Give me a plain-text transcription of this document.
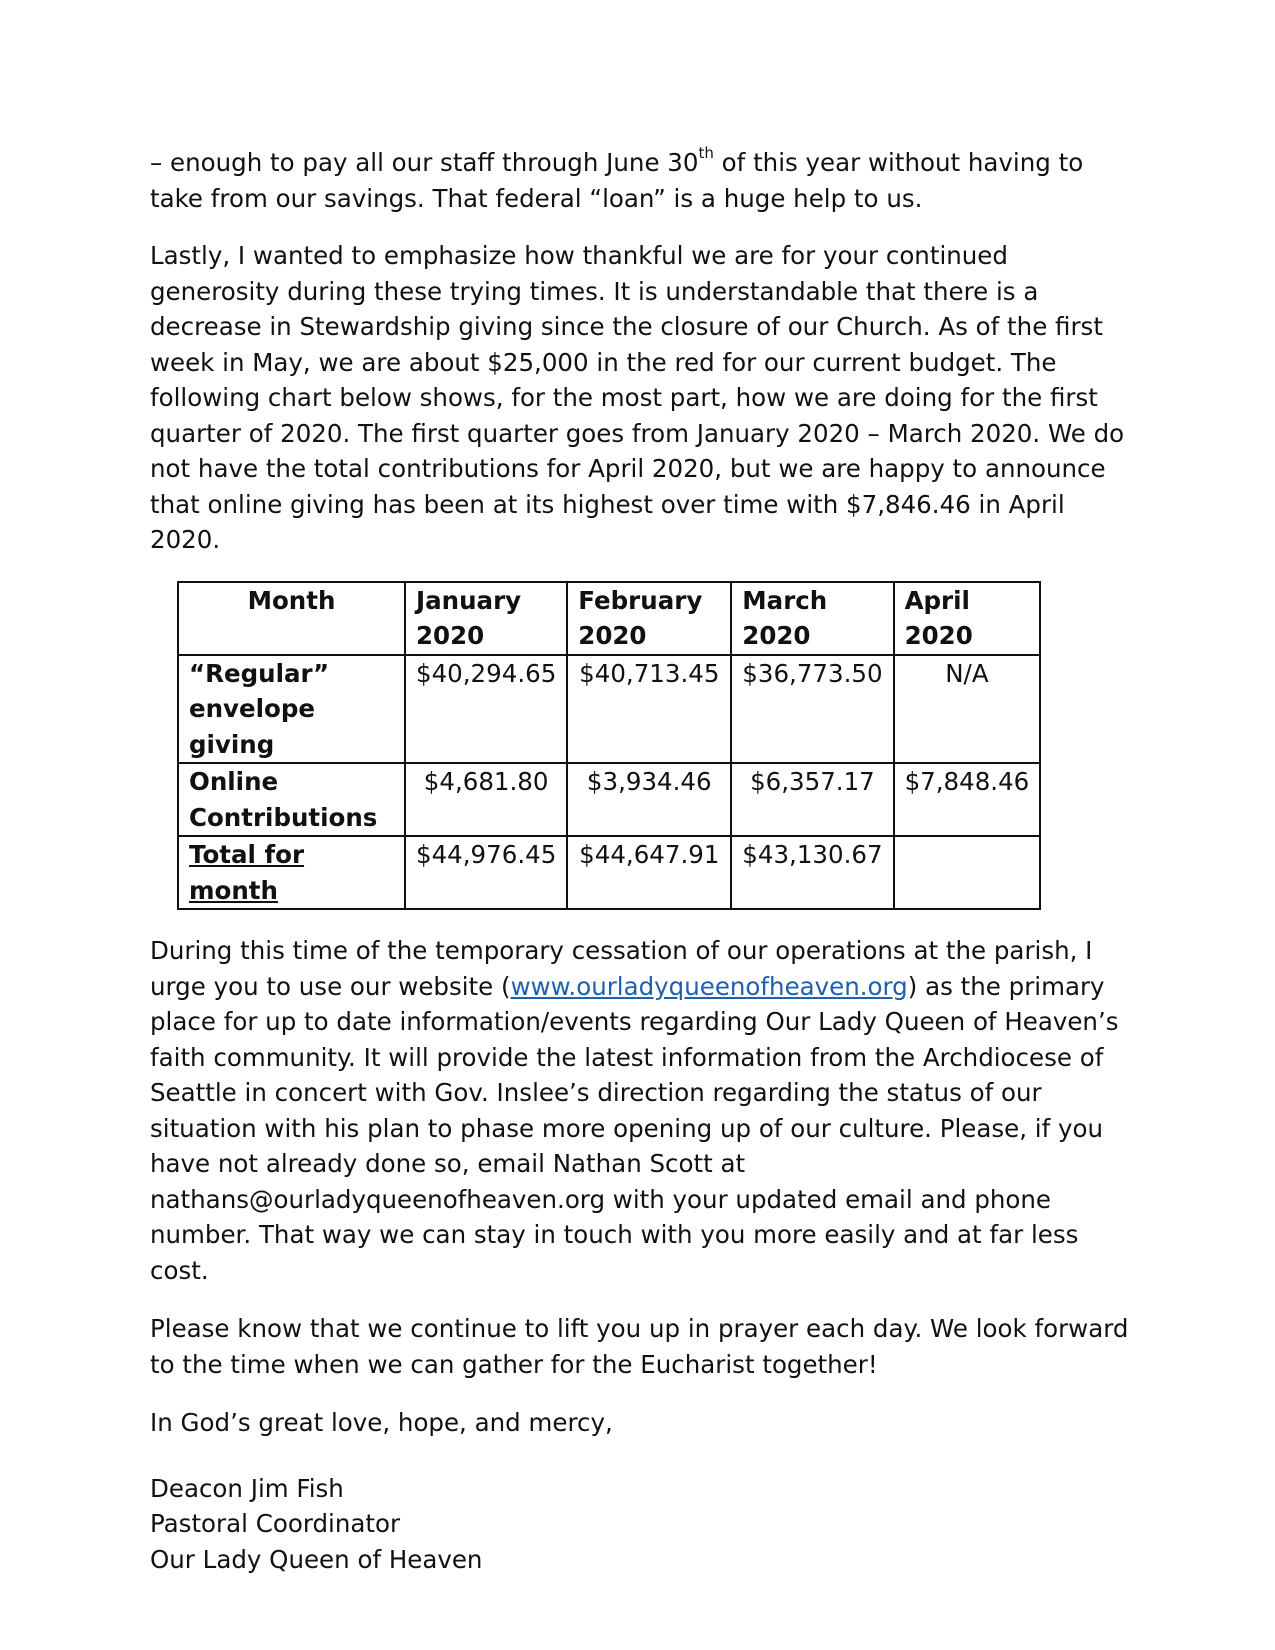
– enough to pay all our staff through June 30th of this year without having to take from our savings. That federal “loan” is a huge help to us.

Lastly, I wanted to emphasize how thankful we are for your continued generosity during these trying times. It is understandable that there is a decrease in Stewardship giving since the closure of our Church. As of the first week in May, we are about $25,000 in the red for our current budget. The following chart below shows, for the most part, how we are doing for the first quarter of 2020. The first quarter goes from January 2020 – March 2020. We do not have the total contributions for April 2020, but we are happy to announce that online giving has been at its highest over time with $7,846.46 in April 2020.

Month	January 2020	February 2020	March 2020	April 2020
“Regular” envelope giving	$40,294.65	$40,713.45	$36,773.50	N/A
Online Contributions	$4,681.80	$3,934.46	$6,357.17	$7,848.46
Total for month	$44,976.45	$44,647.91	$43,130.67	

During this time of the temporary cessation of our operations at the parish, I urge you to use our website (www.ourladyqueenofheaven.org) as the primary place for up to date information/events regarding Our Lady Queen of Heaven’s faith community. It will provide the latest information from the Archdiocese of Seattle in concert with Gov. Inslee’s direction regarding the status of our situation with his plan to phase more opening up of our culture. Please, if you have not already done so, email Nathan Scott at nathans@ourladyqueenofheaven.org with your updated email and phone number. That way we can stay in touch with you more easily and at far less cost.

Please know that we continue to lift you up in prayer each day. We look forward to the time when we can gather for the Eucharist together!

In God’s great love, hope, and mercy,

Deacon Jim Fish
Pastoral Coordinator
Our Lady Queen of Heaven
